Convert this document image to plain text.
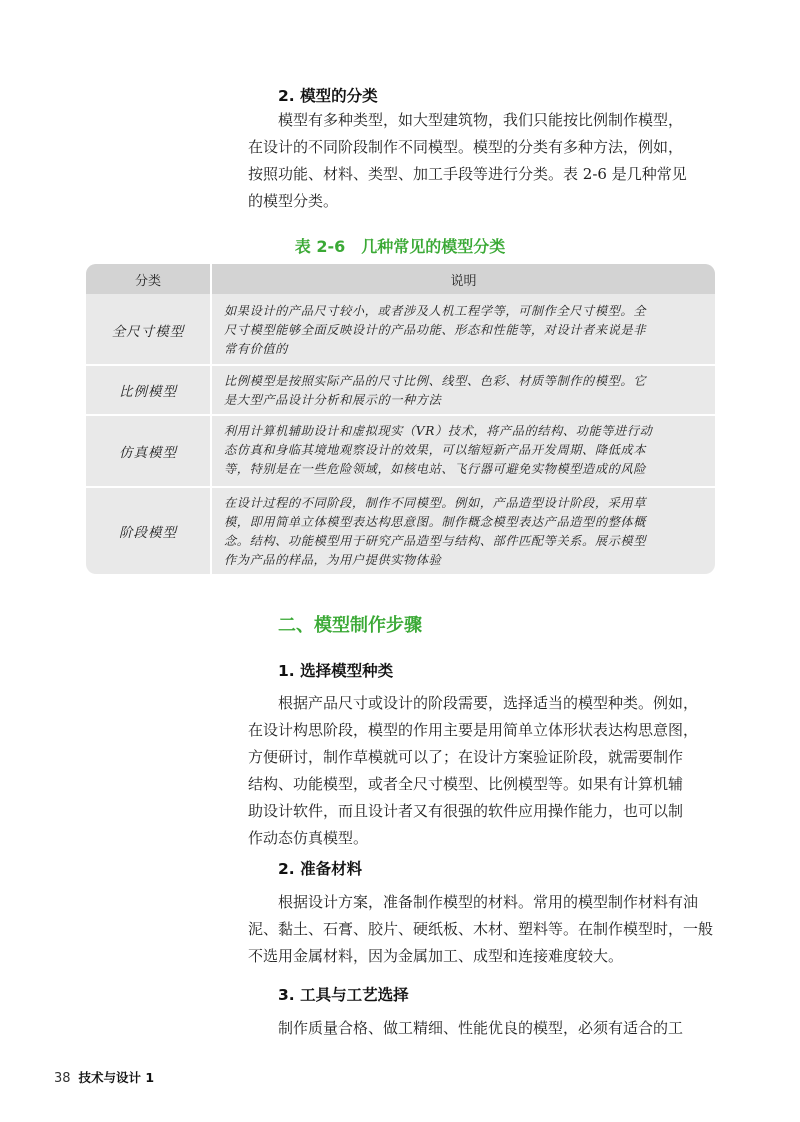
2. 模型的分类

模型有多种类型，如大型建筑物，我们只能按比例制作模型，
在设计的不同阶段制作不同模型。模型的分类有多种方法，例如，
按照功能、材料、类型、加工手段等进行分类。表 2-6 是几种常见
的模型分类。

表 2-6　几种常见的模型分类
分类	说明
全尺寸模型
如果设计的产品尺寸较小，或者涉及人机工程学等，可制作全尺寸模型。全
尺寸模型能够全面反映设计的产品功能、形态和性能等，对设计者来说是非
常有价值的
比例模型
比例模型是按照实际产品的尺寸比例、线型、色彩、材质等制作的模型。它
是大型产品设计分析和展示的一种方法
仿真模型
利用计算机辅助设计和虚拟现实（VR）技术，将产品的结构、功能等进行动
态仿真和身临其境地观察设计的效果，可以缩短新产品开发周期、降低成本
等，特别是在一些危险领域，如核电站、飞行器可避免实物模型造成的风险
阶段模型
在设计过程的不同阶段，制作不同模型。例如，产品造型设计阶段，采用草
模，即用简单立体模型表达构思意图。制作概念模型表达产品造型的整体概
念。结构、功能模型用于研究产品造型与结构、部件匹配等关系。展示模型
作为产品的样品，为用户提供实物体验
二、模型制作步骤
1. 选择模型种类

根据产品尺寸或设计的阶段需要，选择适当的模型种类。例如，
在设计构思阶段，模型的作用主要是用简单立体形状表达构思意图，
方便研讨，制作草模就可以了；在设计方案验证阶段，就需要制作
结构、功能模型，或者全尺寸模型、比例模型等。如果有计算机辅
助设计软件，而且设计者又有很强的软件应用操作能力，也可以制
作动态仿真模型。

2. 准备材料

根据设计方案，准备制作模型的材料。常用的模型制作材料有油
泥、黏土、石膏、胶片、硬纸板、木材、塑料等。在制作模型时，一般
不选用金属材料，因为金属加工、成型和连接难度较大。

3. 工具与工艺选择

制作质量合格、做工精细、性能优良的模型，必须有适合的工

38 技术与设计 1
